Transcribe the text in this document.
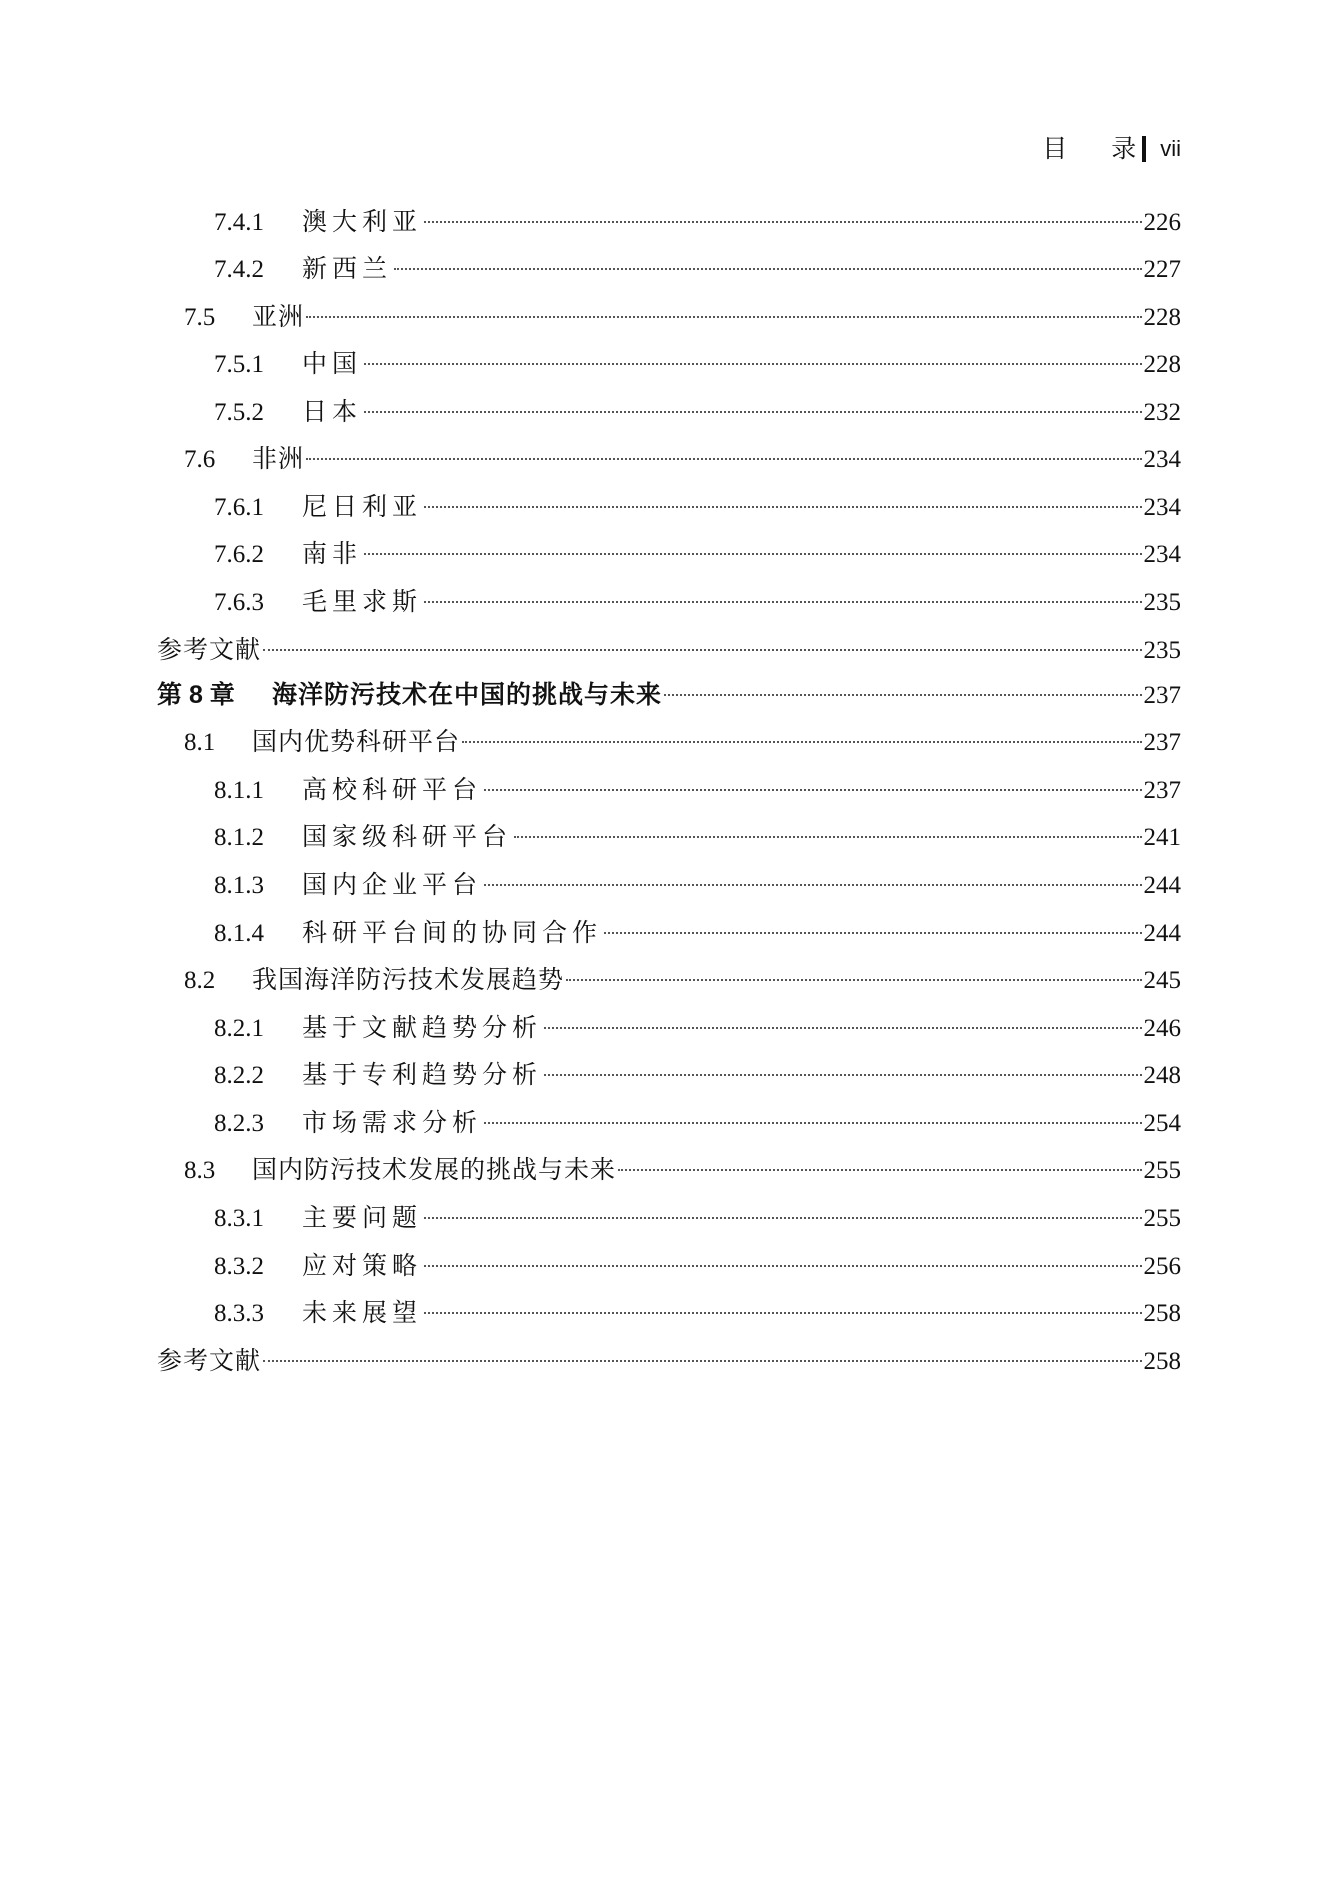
目 录 vii
7.4.1	澳大利亚	226
7.4.2	新西兰	227
7.5	亚洲	228
7.5.1	中国	228
7.5.2	日本	232
7.6	非洲	234
7.6.1	尼日利亚	234
7.6.2	南非	234
7.6.3	毛里求斯	235
参考文献	235
第 8 章	海洋防污技术在中国的挑战与未来	237
8.1	国内优势科研平台	237
8.1.1	高校科研平台	237
8.1.2	国家级科研平台	241
8.1.3	国内企业平台	244
8.1.4	科研平台间的协同合作	244
8.2	我国海洋防污技术发展趋势	245
8.2.1	基于文献趋势分析	246
8.2.2	基于专利趋势分析	248
8.2.3	市场需求分析	254
8.3	国内防污技术发展的挑战与未来	255
8.3.1	主要问题	255
8.3.2	应对策略	256
8.3.3	未来展望	258
参考文献	258
